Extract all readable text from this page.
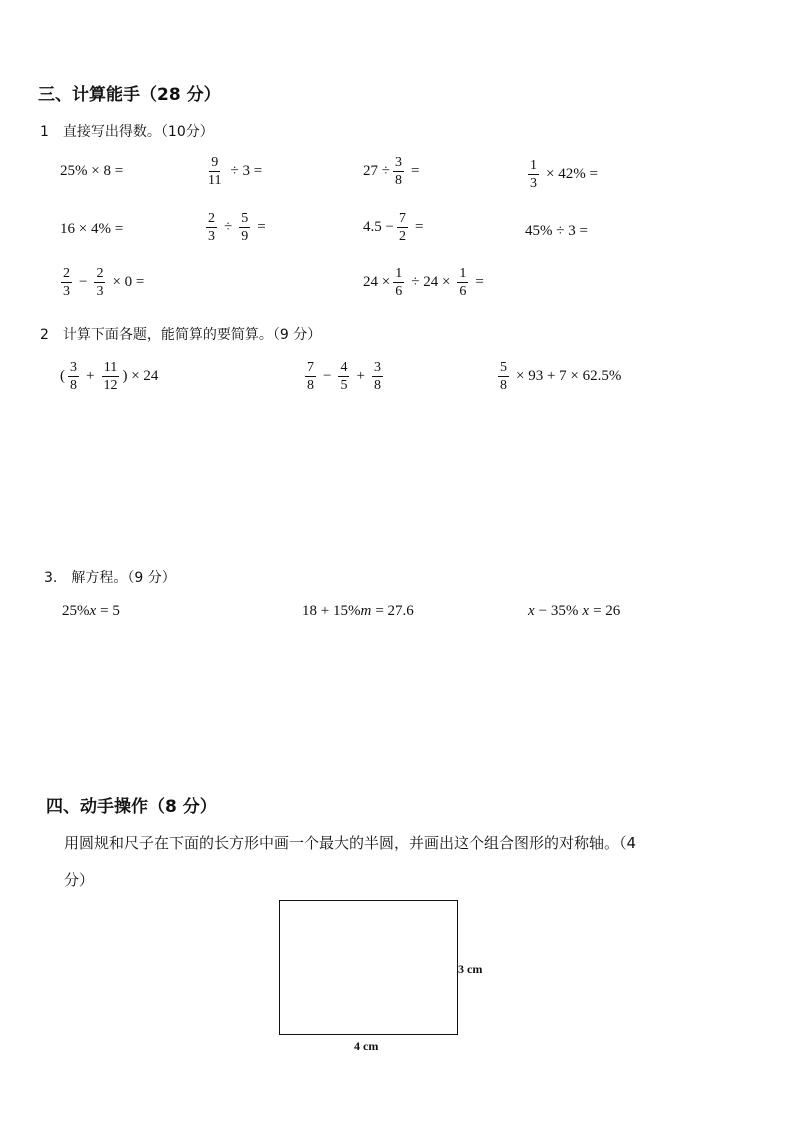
三、计算能手（28 分）
1　直接写出得数。（10分）
25% × 8 =	$\frac{9}{11} \div 3$ =	$27 \div \frac{3}{8}$ =	$\frac{1}{3} \times 42\%$ =
16 × 4% =	$\frac{2}{3} \div \frac{5}{9}$ =	$4.5 - \frac{7}{2}$ =	45% ÷ 3 =
$\frac{2}{3} - \frac{2}{3} \times 0$ =	$24 \times \frac{1}{6} \div 24 \times \frac{1}{6}$ =
2　计算下面各题，能简算的要简算。（9 分）
( $\frac{3}{8} + \frac{11}{12}$ ) × 24	$\frac{7}{8} - \frac{4}{5} + \frac{3}{8}$	$\frac{5}{8} \times 93 + 7 \times 62.5\%$
3.　解方程。（9 分）
25% x = 5	18 + 15% m = 27.6	x − 35% x = 26
四、动手操作（8 分）
用圆规和尺子在下面的长方形中画一个最大的半圆，并画出这个组合图形的对称轴。（4
分）
3 cm
4 cm
